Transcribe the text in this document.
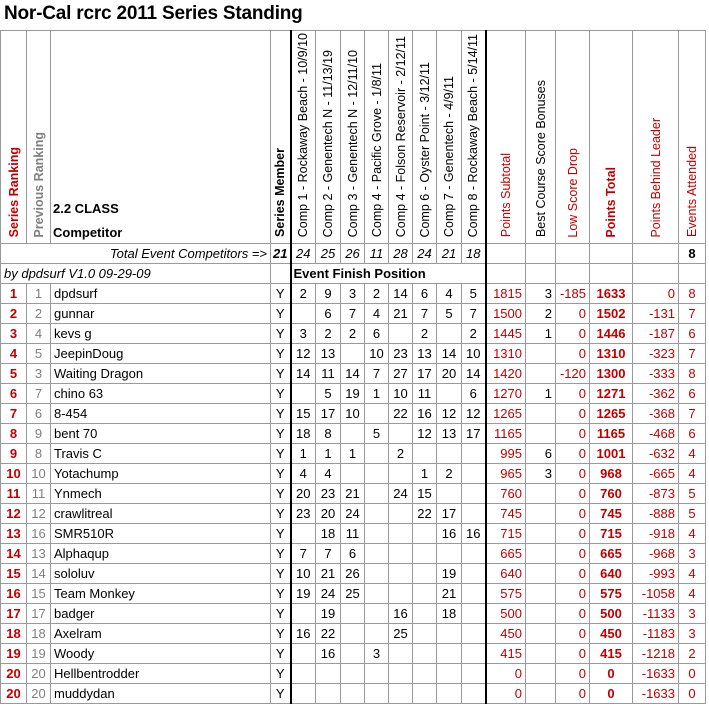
Nor-Cal rcrc 2011 Series Standing
Series Ranking	Previous Ranking	2.2 CLASS
Competitor	Series Member	Comp 1 - Rockaway Beach - 10/9/10	Comp 2 - Genentech N - 11/13/19	Comp 3 - Genentech N - 12/11/10	Comp 4 - Pacific Grove - 1/8/11	Comp 4 - Folson Reservoir - 2/12/11	Comp 6 - Oyster Point - 3/12/11	Comp 7 - Genentech - 4/9/11	Comp 8 - Rockaway Beach - 5/14/11	Points Subtotal	Best Course Score Bonuses	Low Score Drop	Points Total	Points Behind Leader	Events Attended
Total Event Competitors =>			21	24	25	26	11	28	24	21	18						8
by dpdsurf V1.0 09-29-09				Event Finish Position													
1	1	dpdsurf	Y	2	9	3	2	14	6	4	5	1815	3	-185	1633	0	8
2	2	gunnar	Y		6	7	4	21	7	5	7	1500	2	0	1502	-131	7
3	4	kevs g	Y	3	2	2	6		2		2	1445	1	0	1446	-187	6
4	5	JeepinDoug	Y	12	13		10	23	13	14	10	1310		0	1310	-323	7
5	3	Waiting Dragon	Y	14	11	14	7	27	17	20	14	1420		-120	1300	-333	8
6	7	chino 63	Y		5	19	1	10	11		6	1270	1	0	1271	-362	6
7	6	8-454	Y	15	17	10		22	16	12	12	1265		0	1265	-368	7
8	9	bent 70	Y	18	8		5		12	13	17	1165		0	1165	-468	6
9	8	Travis C	Y	1	1	1		2				995	6	0	1001	-632	4
10	10	Yotachump	Y	4	4				1	2		965	3	0	968	-665	4
11	11	Ynmech	Y	20	23	21		24	15			760		0	760	-873	5
12	12	crawlitreal	Y	23	20	24			22	17		745		0	745	-888	5
13	16	SMR510R	Y		18	11				16	16	715		0	715	-918	4
14	13	Alphaqup	Y	7	7	6						665		0	665	-968	3
15	14	sololuv	Y	10	21	26				19		640		0	640	-993	4
16	15	Team Monkey	Y	19	24	25				21		575		0	575	-1058	4
17	17	badger	Y		19			16		18		500		0	500	-1133	3
18	18	Axelram	Y	16	22			25				450		0	450	-1183	3
19	19	Woody	Y		16		3					415		0	415	-1218	2
20	20	Hellbentrodder	Y									0		0	0	-1633	0
20	20	muddydan	Y									0		0	0	-1633	0
